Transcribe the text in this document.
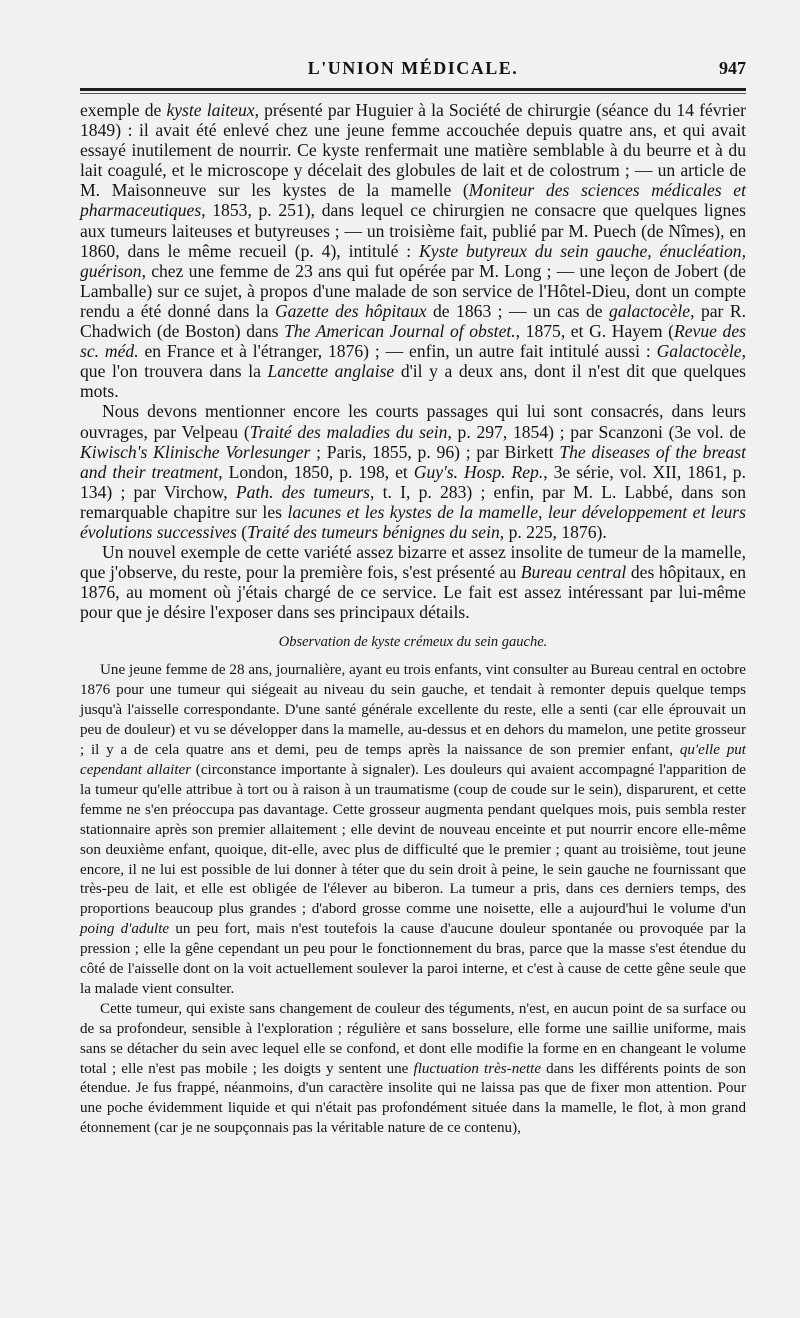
L'UNION MÉDICALE.	947

exemple de kyste laiteux, présenté par Huguier à la Société de chirurgie (séance du 14 février 1849) : il avait été enlevé chez une jeune femme accouchée depuis quatre ans, et qui avait essayé inutilement de nourrir. Ce kyste renfermait une matière semblable à du beurre et à du lait coagulé, et le microscope y décelait des globules de lait et de colostrum ; — un article de M. Maisonneuve sur les kystes de la mamelle (Moniteur des sciences médicales et pharmaceutiques, 1853, p. 251), dans lequel ce chirurgien ne consacre que quelques lignes aux tumeurs laiteuses et butyreuses ; — un troisième fait, publié par M. Puech (de Nîmes), en 1860, dans le même recueil (p. 4), intitulé : Kyste butyreux du sein gauche, énucléation, guérison, chez une femme de 23 ans qui fut opérée par M. Long ; — une leçon de Jobert (de Lamballe) sur ce sujet, à propos d'une malade de son service de l'Hôtel-Dieu, dont un compte rendu a été donné dans la Gazette des hôpitaux de 1863 ; — un cas de galactocèle, par R. Chadwich (de Boston) dans The American Journal of obstet., 1875, et G. Hayem (Revue des sc. méd. en France et à l'étranger, 1876) ; — enfin, un autre fait intitulé aussi : Galactocèle, que l'on trouvera dans la Lancette anglaise d'il y a deux ans, dont il n'est dit que quelques mots.

Nous devons mentionner encore les courts passages qui lui sont consacrés, dans leurs ouvrages, par Velpeau (Traité des maladies du sein, p. 297, 1854) ; par Scanzoni (3e vol. de Kiwisch's Klinische Vorlesunger ; Paris, 1855, p. 96) ; par Birkett The diseases of the breast and their treatment, London, 1850, p. 198, et Guy's. Hosp. Rep., 3e série, vol. XII, 1861, p. 134) ; par Virchow, Path. des tumeurs, t. I, p. 283) ; enfin, par M. L. Labbé, dans son remarquable chapitre sur les lacunes et les kystes de la mamelle, leur développement et leurs évolutions successives (Traité des tumeurs bénignes du sein, p. 225, 1876).

Un nouvel exemple de cette variété assez bizarre et assez insolite de tumeur de la mamelle, que j'observe, du reste, pour la première fois, s'est présenté au Bureau central des hôpitaux, en 1876, au moment où j'étais chargé de ce service. Le fait est assez intéressant par lui-même pour que je désire l'exposer dans ses principaux détails.

Observation de kyste crémeux du sein gauche.

Une jeune femme de 28 ans, journalière, ayant eu trois enfants, vint consulter au Bureau central en octobre 1876 pour une tumeur qui siégeait au niveau du sein gauche, et tendait à remonter depuis quelque temps jusqu'à l'aisselle correspondante. D'une santé générale excellente du reste, elle a senti (car elle éprouvait un peu de douleur) et vu se développer dans la mamelle, au-dessus et en dehors du mamelon, une petite grosseur ; il y a de cela quatre ans et demi, peu de temps après la naissance de son premier enfant, qu'elle put cependant allaiter (circonstance importante à signaler). Les douleurs qui avaient accompagné l'apparition de la tumeur qu'elle attribue à tort ou à raison à un traumatisme (coup de coude sur le sein), disparurent, et cette femme ne s'en préoccupa pas davantage. Cette grosseur augmenta pendant quelques mois, puis sembla rester stationnaire après son premier allaitement ; elle devint de nouveau enceinte et put nourrir encore elle-même son deuxième enfant, quoique, dit-elle, avec plus de difficulté que le premier ; quant au troisième, tout jeune encore, il ne lui est possible de lui donner à téter que du sein droit à peine, le sein gauche ne fournissant que très-peu de lait, et elle est obligée de l'élever au biberon. La tumeur a pris, dans ces derniers temps, des proportions beaucoup plus grandes ; d'abord grosse comme une noisette, elle a aujourd'hui le volume d'un poing d'adulte un peu fort, mais n'est toutefois la cause d'aucune douleur spontanée ou provoquée par la pression ; elle la gêne cependant un peu pour le fonctionnement du bras, parce que la masse s'est étendue du côté de l'aisselle dont on la voit actuellement soulever la paroi interne, et c'est à cause de cette gêne seule que la malade vient consulter.

Cette tumeur, qui existe sans changement de couleur des téguments, n'est, en aucun point de sa surface ou de sa profondeur, sensible à l'exploration ; régulière et sans bosselure, elle forme une saillie uniforme, mais sans se détacher du sein avec lequel elle se confond, et dont elle modifie la forme en en changeant le volume total ; elle n'est pas mobile ; les doigts y sentent une fluctuation très-nette dans les différents points de son étendue. Je fus frappé, néanmoins, d'un caractère insolite qui ne laissa pas que de fixer mon attention. Pour une poche évidemment liquide et qui n'était pas profondément située dans la mamelle, le flot, à mon grand étonnement (car je ne soupçonnais pas la véritable nature de ce contenu),
